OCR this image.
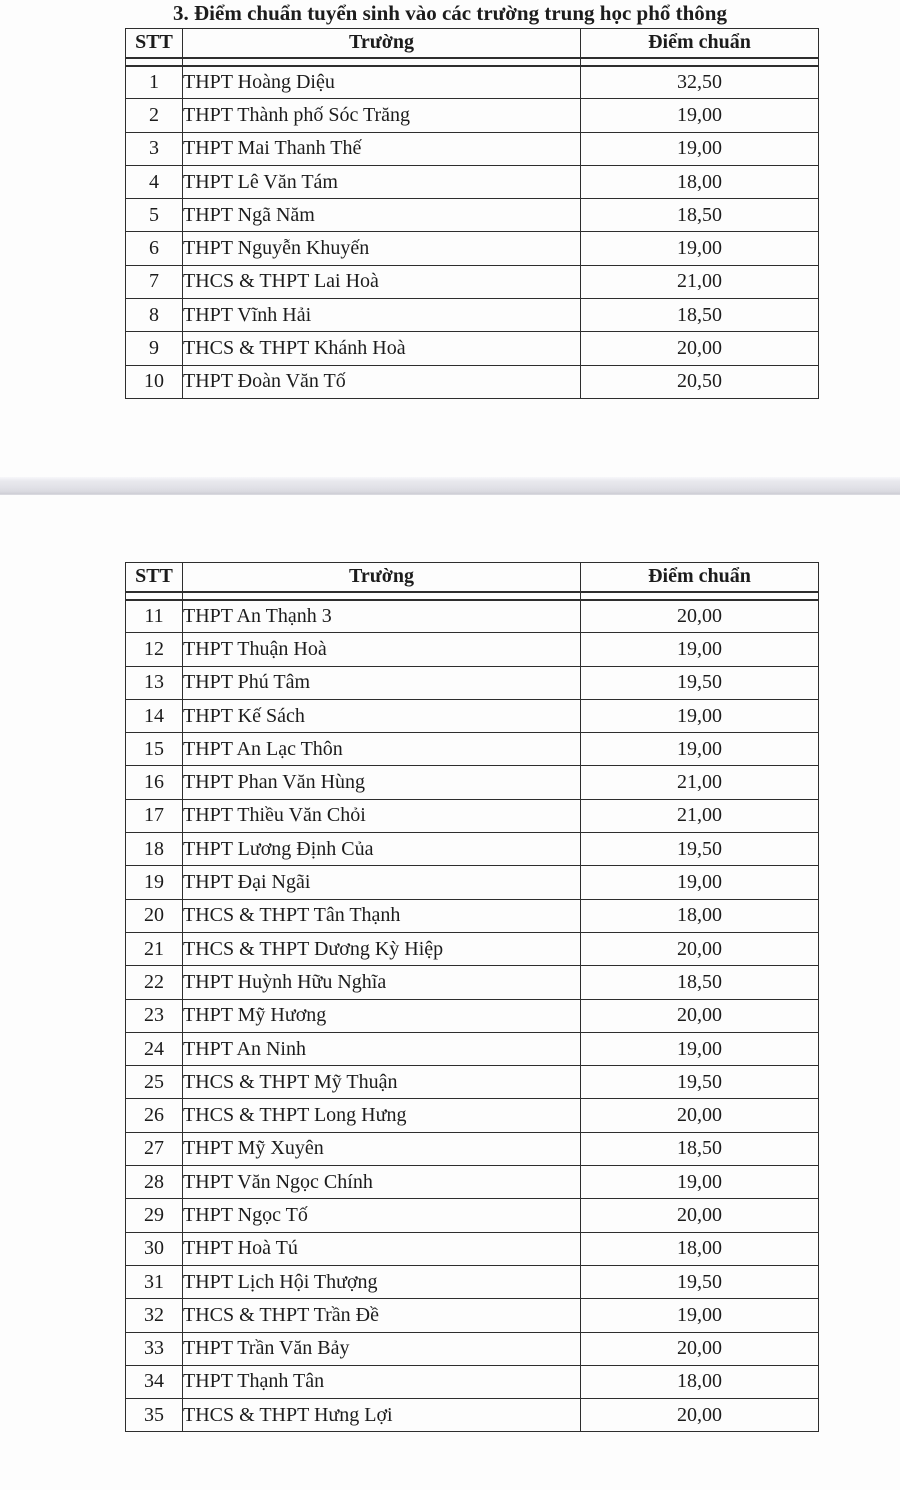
3. Điểm chuẩn tuyển sinh vào các trường trung học phổ thông
STT	Trường	Điểm chuẩn
1	THPT Hoàng Diệu	32,50
2	THPT Thành phố Sóc Trăng	19,00
3	THPT Mai Thanh Thế	19,00
4	THPT Lê Văn Tám	18,00
5	THPT Ngã Năm	18,50
6	THPT Nguyễn Khuyến	19,00
7	THCS & THPT Lai Hoà	21,00
8	THPT Vĩnh Hải	18,50
9	THCS & THPT Khánh Hoà	20,00
10	THPT Đoàn Văn Tố	20,50
STT	Trường	Điểm chuẩn
11	THPT An Thạnh 3	20,00
12	THPT Thuận Hoà	19,00
13	THPT Phú Tâm	19,50
14	THPT Kế Sách	19,00
15	THPT An Lạc Thôn	19,00
16	THPT Phan Văn Hùng	21,00
17	THPT Thiều Văn Chỏi	21,00
18	THPT Lương Định Của	19,50
19	THPT Đại Ngãi	19,00
20	THCS & THPT Tân Thạnh	18,00
21	THCS & THPT Dương Kỳ Hiệp	20,00
22	THPT Huỳnh Hữu Nghĩa	18,50
23	THPT Mỹ Hương	20,00
24	THPT An Ninh	19,00
25	THCS & THPT Mỹ Thuận	19,50
26	THCS & THPT Long Hưng	20,00
27	THPT Mỹ Xuyên	18,50
28	THPT Văn Ngọc Chính	19,00
29	THPT Ngọc Tố	20,00
30	THPT Hoà Tú	18,00
31	THPT Lịch Hội Thượng	19,50
32	THCS & THPT Trần Đề	19,00
33	THPT Trần Văn Bảy	20,00
34	THPT Thạnh Tân	18,00
35	THCS & THPT Hưng Lợi	20,00
